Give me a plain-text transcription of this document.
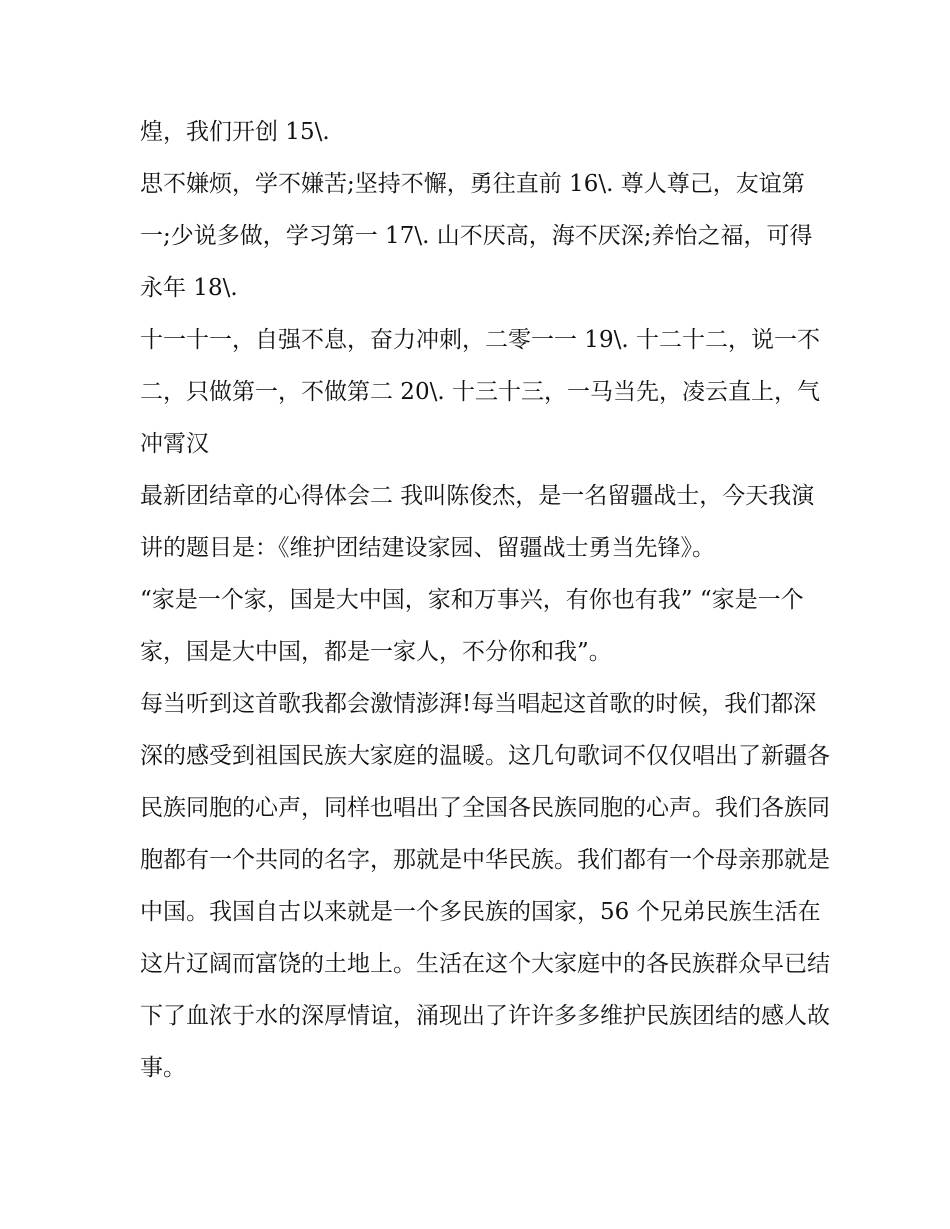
煌，我们开创 15\.

思不嫌烦，学不嫌苦;坚持不懈，勇往直前 16\. 尊人尊己，友谊第一;少说多做，学习第一 17\. 山不厌高，海不厌深;养怡之福，可得永年 18\.

十一十一，自强不息，奋力冲刺，二零一一 19\. 十二十二，说一不二，只做第一，不做第二 20\. 十三十三，一马当先，凌云直上，气冲霄汉

最新团结章的心得体会二 我叫陈俊杰，是一名留疆战士，今天我演讲的题目是：《维护团结建设家园、留疆战士勇当先锋》。

“家是一个家，国是大中国，家和万事兴，有你也有我” “家是一个家，国是大中国，都是一家人，不分你和我”。

每当听到这首歌我都会激情澎湃!每当唱起这首歌的时候，我们都深深的感受到祖国民族大家庭的温暖。这几句歌词不仅仅唱出了新疆各民族同胞的心声，同样也唱出了全国各民族同胞的心声。我们各族同胞都有一个共同的名字，那就是中华民族。我们都有一个母亲那就是中国。我国自古以来就是一个多民族的国家，56 个兄弟民族生活在这片辽阔而富饶的土地上。生活在这个大家庭中的各民族群众早已结下了血浓于水的深厚情谊，涌现出了许许多多维护民族团结的感人故事。
